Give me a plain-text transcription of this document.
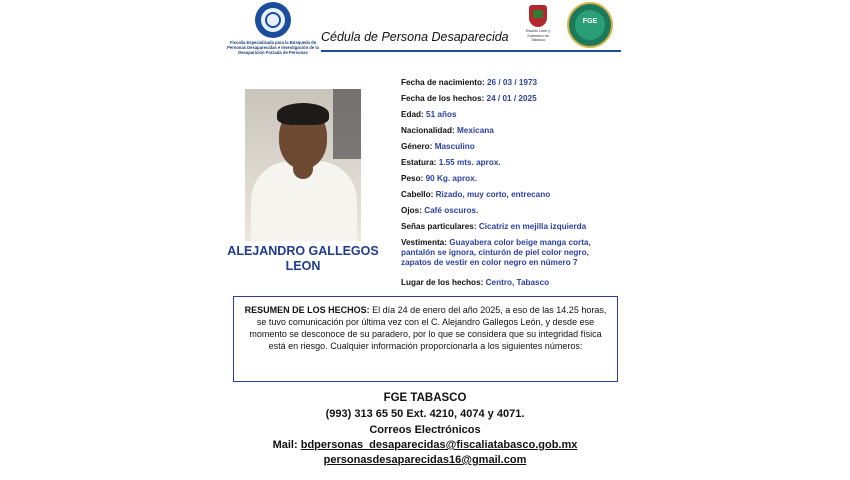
Fiscalía Especializada para la Búsqueda de Personas Desaparecidas e Investigación de la Desaparición Forzada de Personas
Cédula de Persona Desaparecida	Estado Libre y Soberano de Tabasco
FGE
ALEJANDRO GALLEGOS LEON
Fecha de nacimiento: 26 / 03 / 1973
Fecha de los hechos: 24 / 01 / 2025
Edad: 51 años
Nacionalidad: Mexicana
Género: Masculino
Estatura: 1.55 mts. aprox.
Peso: 90 Kg. aprox.
Cabello: Rizado, muy corto, entrecano
Ojos: Café oscuros.
Señas particulares: Cicatriz en mejilla izquierda
Vestimenta: Guayabera color beige manga corta, pantalón se ignora, cinturón de piel color negro, zapatos de vestir en color negro en número 7
Lugar de los hechos: Centro, Tabasco
RESUMEN DE LOS HECHOS: El día 24 de enero del año 2025, a eso de las 14.25 horas, se tuvo comunicación por última vez con el C. Alejandro Gallegos León, y desde ese momento se desconoce de su paradero, por lo que se considera que su integridad física está en riesgo. Cualquier información proporcionarla a los siguientes números:
FGE TABASCO
(993) 313 65 50 Ext. 4210, 4074 y 4071.
Correos Electrónicos
Mail: bdpersonas_desaparecidas@fiscaliatabasco.gob.mx
personasdesaparecidas16@gmail.com
